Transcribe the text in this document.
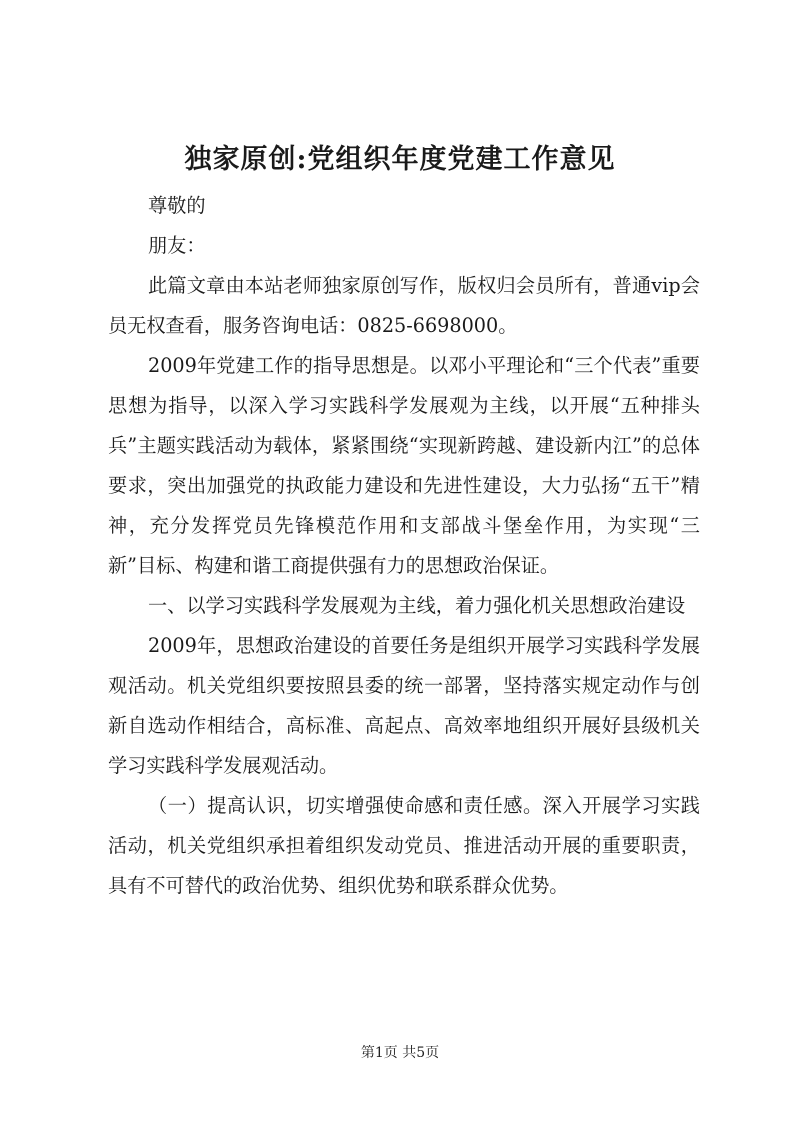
独家原创:党组织年度党建工作意见

尊敬的

朋友：

此篇文章由本站老师独家原创写作，版权归会员所有，普通vip会员无权查看，服务咨询电话：0825-6698000。

2009年党建工作的指导思想是。以邓小平理论和“三个代表”重要思想为指导，以深入学习实践科学发展观为主线，以开展“五种排头兵”主题实践活动为载体，紧紧围绕“实现新跨越、建设新内江”的总体要求，突出加强党的执政能力建设和先进性建设，大力弘扬“五干”精神，充分发挥党员先锋模范作用和支部战斗堡垒作用，为实现“三新”目标、构建和谐工商提供强有力的思想政治保证。

一、以学习实践科学发展观为主线，着力强化机关思想政治建设

2009年，思想政治建设的首要任务是组织开展学习实践科学发展观活动。机关党组织要按照县委的统一部署，坚持落实规定动作与创新自选动作相结合，高标准、高起点、高效率地组织开展好县级机关学习实践科学发展观活动。

（一）提高认识，切实增强使命感和责任感。深入开展学习实践活动，机关党组织承担着组织发动党员、推进活动开展的重要职责，具有不可替代的政治优势、组织优势和联系群众优势。

第1页 共5页
